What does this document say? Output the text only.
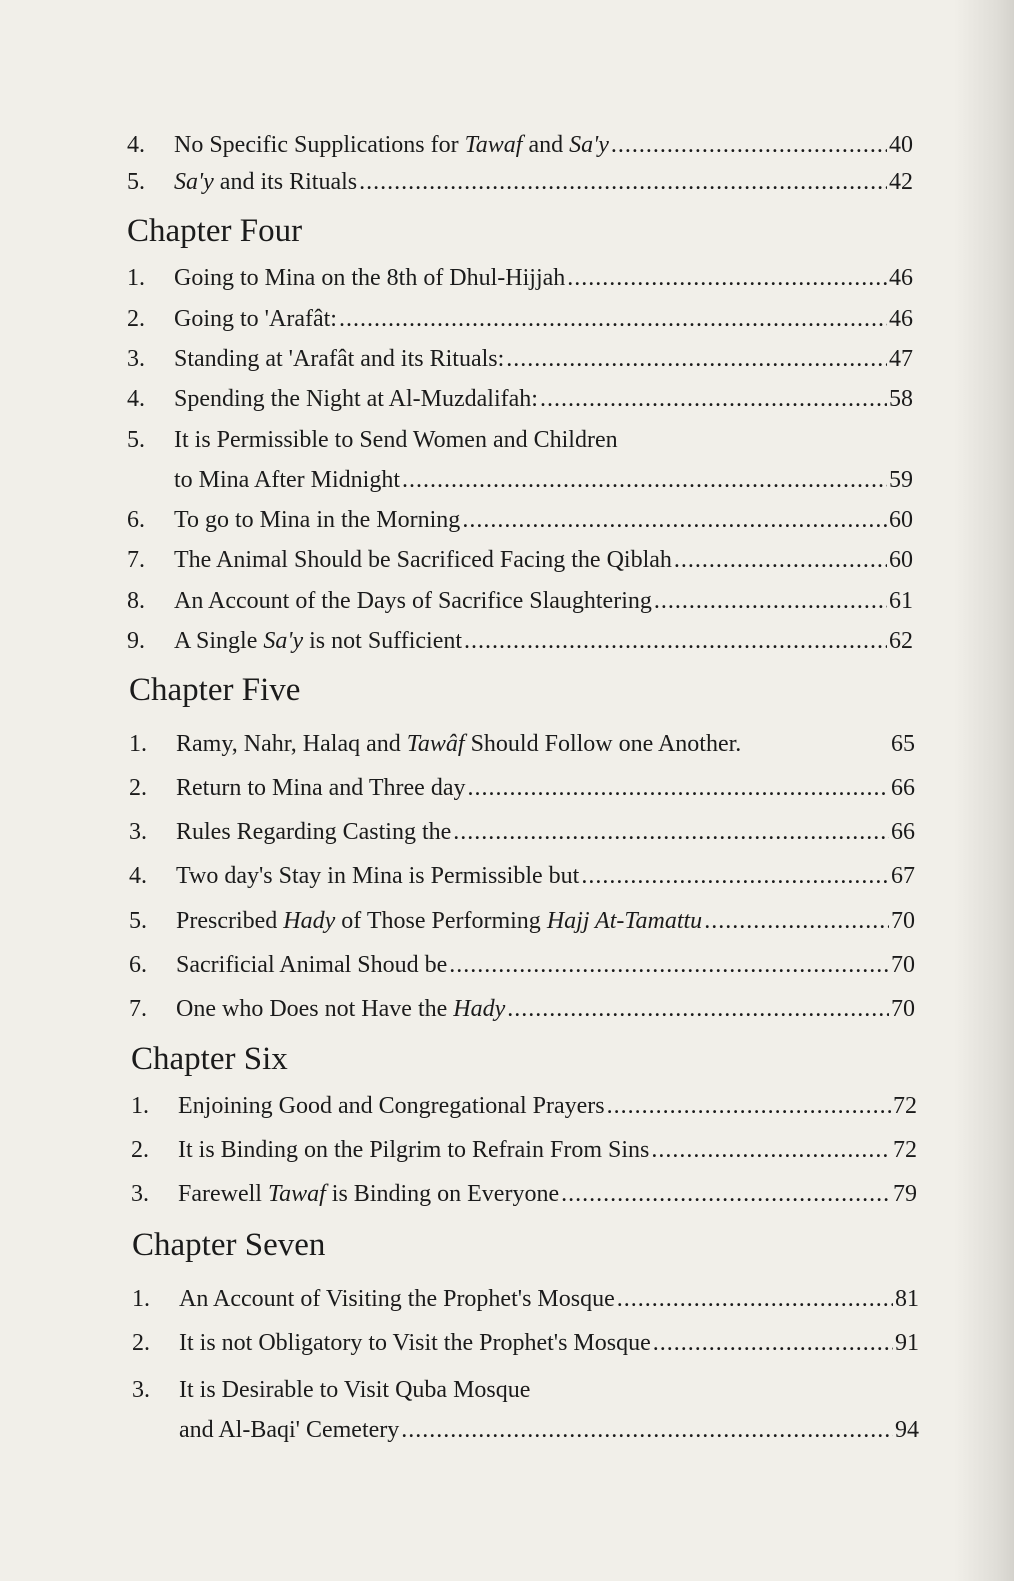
4. No Specific Supplications for Tawaf and Sa'y .....	40
5. Sa'y and its Rituals .....	42
Chapter Four
1. Going to Mina on the 8th of Dhul-Hijjah .....	46
2. Going to 'Arafât: .....	46
3. Standing at 'Arafât and its Rituals: .....	47
4. Spending the Night at Al-Muzdalifah: .....	58
5. It is Permissible to Send Women and Children
to Mina After Midnight .....	59
6. To go to Mina in the Morning .....	60
7. The Animal Should be Sacrificed Facing the Qiblah .....	60
8. An Account of the Days of Sacrifice Slaughtering .....	61
9. A Single Sa'y is not Sufficient .....	62
Chapter Five
1. Ramy, Nahr, Halaq and Tawâf Should Follow one Another.	65
2. Return to Mina and Three day .....	66
3. Rules Regarding Casting the .....	66
4. Two day's Stay in Mina is Permissible but .....	67
5. Prescribed Hady of Those Performing Hajj At-Tamattu .....	70
6. Sacrificial Animal Shoud be .....	70
7. One who Does not Have the Hady .....	70
Chapter Six
1. Enjoining Good and Congregational Prayers .....	72
2. It is Binding on the Pilgrim to Refrain From Sins .....	72
3. Farewell Tawaf is Binding on Everyone .....	79
Chapter Seven
1. An Account of Visiting the Prophet's Mosque .....	81
2. It is not Obligatory to Visit the Prophet's Mosque .....	91
3. It is Desirable to Visit Quba Mosque
and Al-Baqi' Cemetery .....	94
